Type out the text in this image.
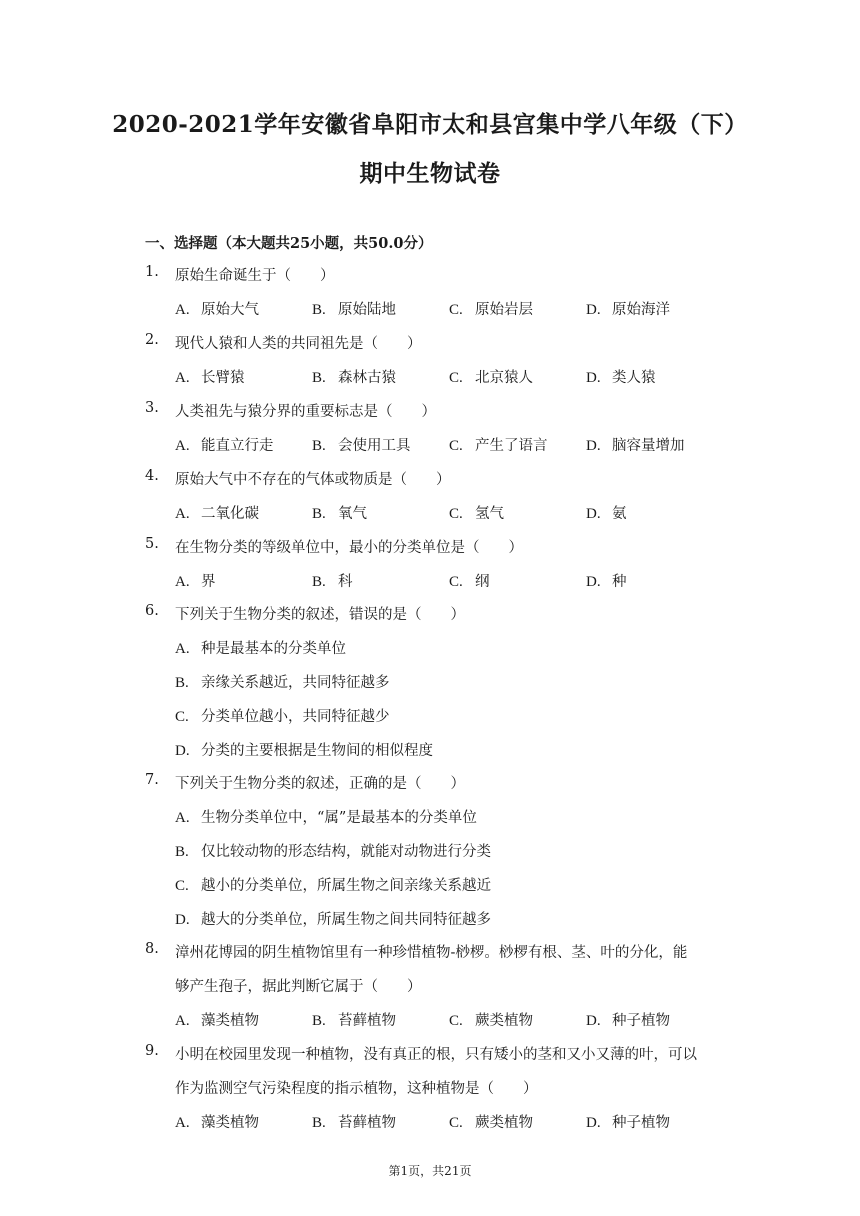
2020-2021学年安徽省阜阳市太和县宫集中学八年级（下）
期中生物试卷
一、选择题（本大题共25小题，共50.0分）
1. 原始生命诞生于（　　）
A. 原始大气	B. 原始陆地	C. 原始岩层	D. 原始海洋
2. 现代人猿和人类的共同祖先是（　　）
A. 长臂猿	B. 森林古猿	C. 北京猿人	D. 类人猿
3. 人类祖先与猿分界的重要标志是（　　）
A. 能直立行走	B. 会使用工具	C. 产生了语言	D. 脑容量增加
4. 原始大气中不存在的气体或物质是（　　）
A. 二氧化碳	B. 氧气	C. 氢气	D. 氨
5. 在生物分类的等级单位中，最小的分类单位是（　　）
A. 界	B. 科	C. 纲	D. 种
6. 下列关于生物分类的叙述，错误的是（　　）
A. 种是最基本的分类单位
B. 亲缘关系越近，共同特征越多
C. 分类单位越小，共同特征越少
D. 分类的主要根据是生物间的相似程度
7. 下列关于生物分类的叙述，正确的是（　　）
A. 生物分类单位中，“属”是最基本的分类单位
B. 仅比较动物的形态结构，就能对动物进行分类
C. 越小的分类单位，所属生物之间亲缘关系越近
D. 越大的分类单位，所属生物之间共同特征越多
8. 漳州花博园的阴生植物馆里有一种珍惜植物-桫椤。桫椤有根、茎、叶的分化，能
够产生孢子，据此判断它属于（　　）
A. 藻类植物	B. 苔藓植物	C. 蕨类植物	D. 种子植物
9. 小明在校园里发现一种植物，没有真正的根，只有矮小的茎和又小又薄的叶，可以
作为监测空气污染程度的指示植物，这种植物是（　　）
A. 藻类植物	B. 苔藓植物	C. 蕨类植物	D. 种子植物
第1页，共21页
